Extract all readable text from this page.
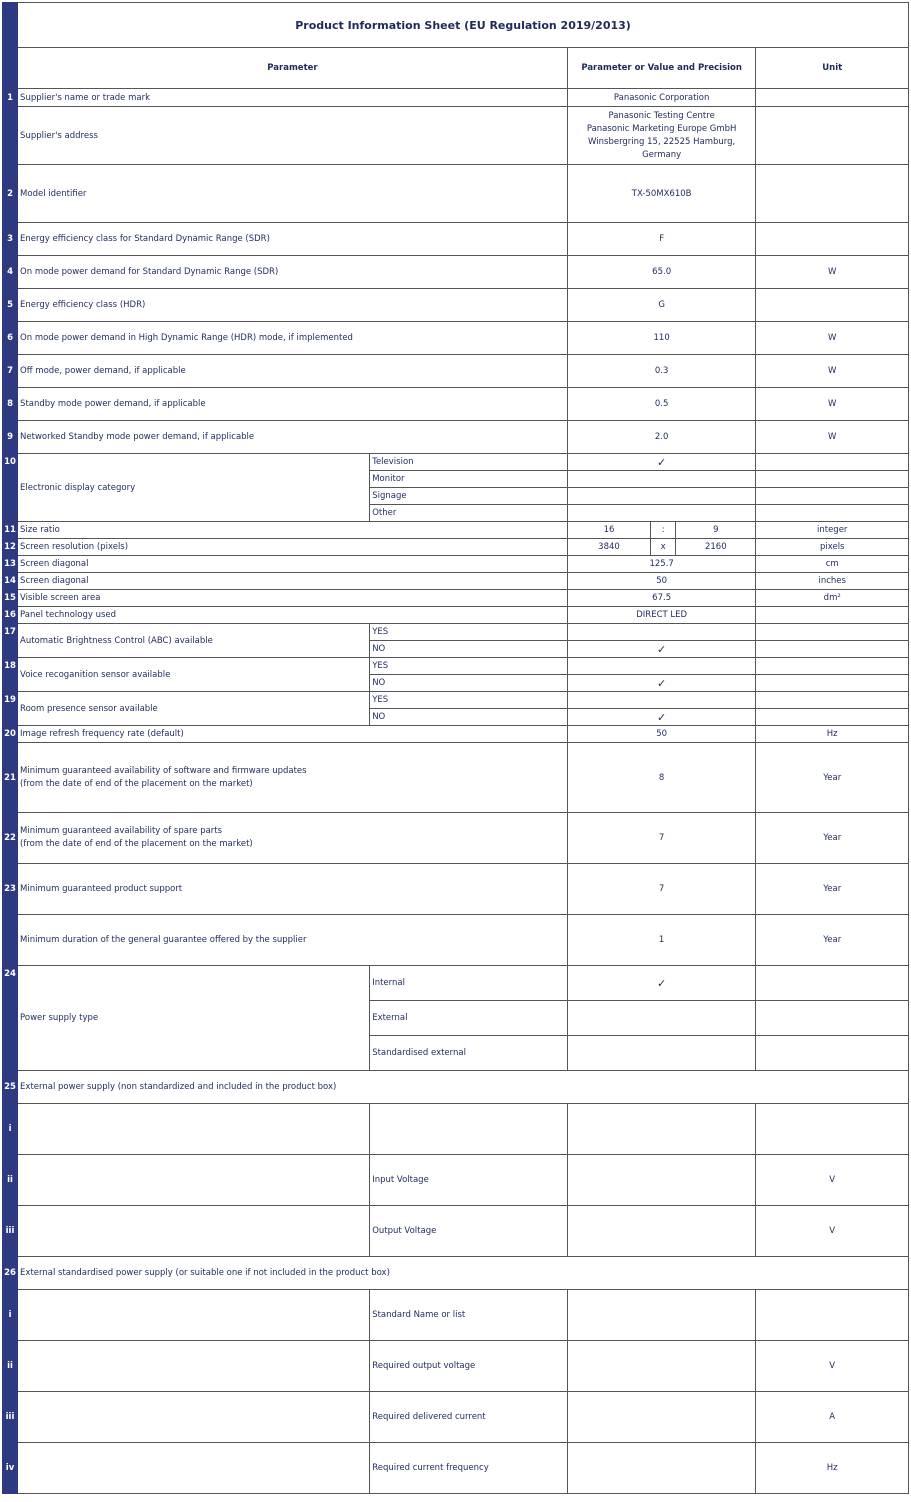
	Product Information Sheet (EU Regulation 2019/2013)					
	Parameter		Parameter or Value and Precision			Unit
1	Supplier's name or trade mark		Panasonic Corporation			
	Supplier's address		Panasonic Testing Centre
Panasonic Marketing Europe GmbH
Winsbergring 15, 22525 Hamburg, Germany			

2	Model identifier		TX-50MX610B			
3	Energy efficiency class for Standard Dynamic Range (SDR)		F			
4	On mode power demand for Standard Dynamic Range (SDR)		65.0			W
5	Energy efficiency class (HDR)		G			
6	On mode power demand in High Dynamic Range (HDR) mode, if implemented		110			W
7	Off mode, power demand, if applicable		0.3			W
8	Standby mode power demand, if applicable		0.5			W
9	Networked Standby mode power demand, if applicable		2.0			W
10	Electronic display category	Television	✓			
		Monitor				
		Signage				
		Other				
11	Size ratio		16	:	9	integer
12	Screen resolution (pixels)		3840	x	2160	pixels
13	Screen diagonal		125.7			cm
14	Screen diagonal		50			inches
15	Visible screen area		67.5			dm²
16	Panel technology used		DIRECT LED			
17	Automatic Brightness Control (ABC) available	YES				
		NO	✓			
18	Voice recoganition sensor available	YES				
		NO	✓			
19	Room presence sensor available	YES				
		NO	✓			
20	Image refresh frequency rate (default)		50			Hz
21	Minimum guaranteed availability of software and firmware updates
(from the date of end of the placement on the market)		8			Year
22	Minimum guaranteed availability of spare parts
(from the date of end of the placement on the market)		7			Year
23	Minimum guaranteed product support		7			Year
	Minimum duration of the general guarantee offered by the supplier		1			Year
24	Power supply type	Internal	✓			
		External				
		Standardised external				
25	External power supply (non standardized and included in the product box)					
i						
ii		Input Voltage				V
iii		Output Voltage				V
26	External standardised power supply (or suitable one if not included in the product box)					
i		Standard Name or list				
ii		Required output voltage				V
iii		Required delivered current				A
iv		Required current frequency				Hz
